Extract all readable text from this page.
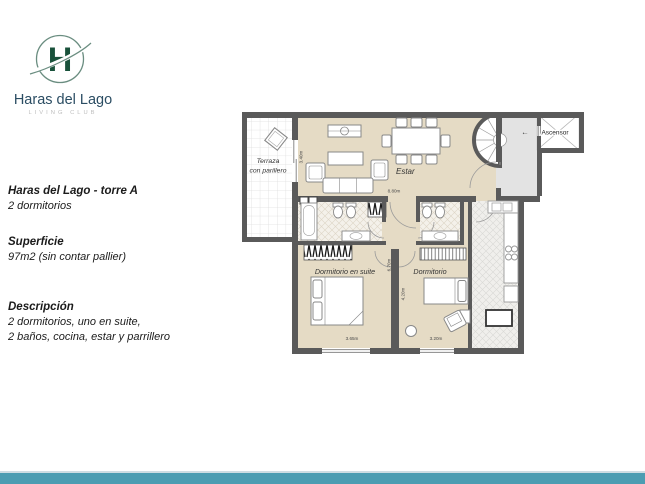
H
Haras del Lago
LIVING CLUB
Haras del Lago - torre A
2 dormitorios
Superficie
97m2 (sin contar pallier)
Descripción
2 dormitorios, uno en suite,
2 baños, cocina, estar y parrillero
Terraza
con parillero	Estar
Ascensor
←
Dormitorio en suite	Dormitorio
8.80m
3.40m
6.70m
4.20m
3.65m	3.20m
